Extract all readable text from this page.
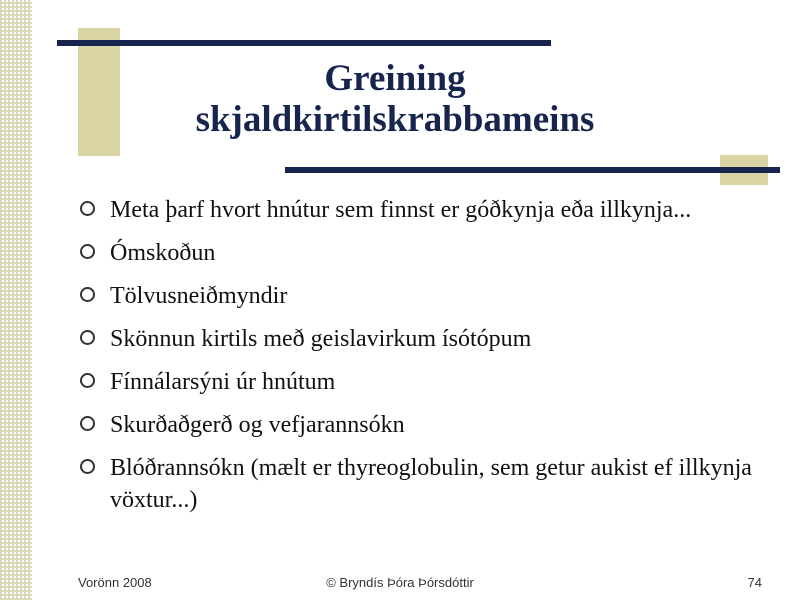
Greining
skjaldkirtilskrabbameins
Meta þarf hvort hnútur sem finnst er góðkynja eða illkynja...
Ómskoðun
Tölvusneiðmyndir
Skönnun kirtils með geislavirkum ísótópum
Fínnálarsýni úr hnútum
Skurðaðgerð og vefjarannsókn
Blóðrannsókn (mælt er thyreoglobulin, sem getur aukist ef illkynja vöxtur...)
Vorönn 2008	© Bryndís Þóra Þórsdóttir	74
